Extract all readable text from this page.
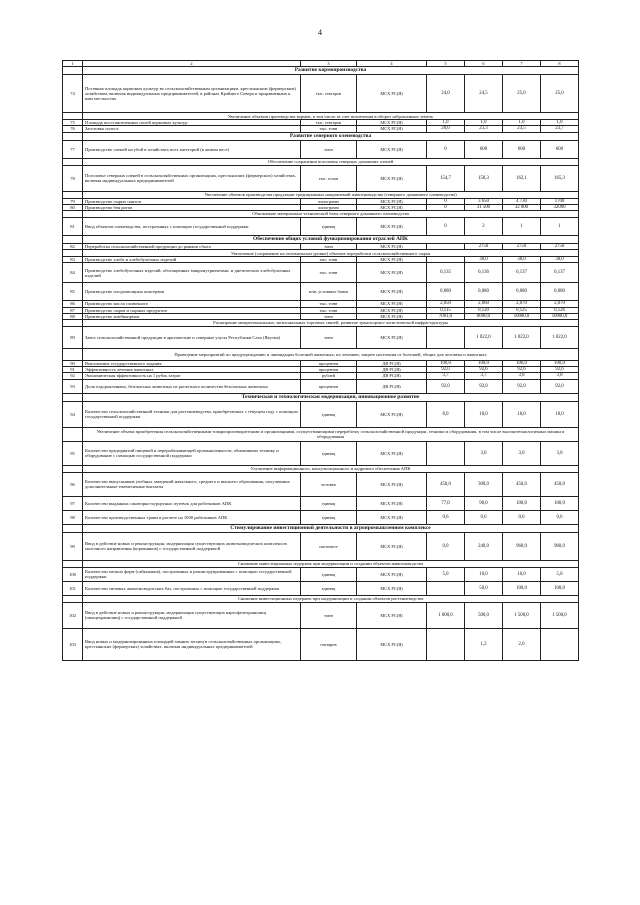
4
1	2	3	4	5	6	7	8
	Развитие кормопроизводства						
74	Посевная площадь кормовых культур во сельскохозяйственным организациям, крестьянским (фермерским) хозяйствам, включая индивидуальных предпринимателей, в районах Крайнего Севера и приравненных к ним местностях	тыс. гектаров	МСХ РС(Я)	24,0	24,5	25,0	25,0
	Увеличение объемов производства кормов, в том числе за счет вовлечения в оборот заброшенных земель						
75	Площадь восстановленных полей кормовых культур	тыс. гектаров	МСХ РС(Я)	1,0	1,0	1,0	1,0
76	Заготовка силоса	тыс. тонн	МСХ РС(Я)	20,0	23,3	23,5	23,7
	Развитие северного оленеводства						
77	Производство оленей на убой в хозяйствах всех категорий (в живом весе)	тонн	МСХ РС(Я)	0	600	600	600
	Обеспечение сохранения поголовья северных домашних оленей						
78	Поголовье северных оленей в сельскохозяйственных организациях, крестьянских (фермерских) хозяйствах, включая индивидуальных предпринимателей	тыс. голов	МСХ РС(Я)	154,7	158,3	162,1	165,3
	Увеличение объемов производства продукции традиционных направлений животноводства (северного домашнего оленеводства)						
79	Производство сырых пантов	килограмм	МСХ РС(Я)	0	3 650	4 730	1700
80	Производство бен рогов	килограмм	МСХ РС(Я)	0	31 500	32 000	32000
	Обновление материально-технической базы северного домашнего оленеводства						
81	Ввод объектов оленеводства, построенных с помощью государственной поддержки	единиц	МСХ РС(Я)	0	2	1	1
	Обеспечение общих условий функционирования отраслей АПК						
82	Переработка сельскохозяйственной продукции до рынков сбыта	тонн	МСХ РС(Я)		2750	2750	2750
	Увеличение (сохранение на оптимальном уровне) объемов переработки сельскохозяйственного сырья						
83	Производство хлеба и хлебобулочных изделий	тыс. тонн	МСХ РС(Я)		38,0	38,0	38,0
84	Производство хлебобулочных изделий, обогащенных микронутриентами, и диетических хлебобулочных изделий	тыс. тонн	МСХ РС(Я)	0,135	0,136	0,137	0,137
85	Производство плодоовощных консервов	млн. условных банок	МСХ РС(Я)	0,080	0,080	0,080	0,080
86	Производство масла сливочного	тыс. тонн	МСХ РС(Я)	2,050	2,060	2,070	2,070
87	Производство сыров и сырных продуктов	тыс. тонн	МСХ РС(Я)	0,115	0,120	0,125	0,126
88	Производство комбикормов	тонн	МСХ РС(Я)	7061,0	8000,0	10000,0	10000,0
	Расширение межрегиональных, межзональных торговых связей, развитие транспортно-логистической инфраструктуры						
89	Завоз сельскохозяйственной продукции в арктические и северные улусы Республики Саха (Якутия)	тонн	МСХ РС(Я)		1 022,0	1 022,0	1 022,0
	Проведение мероприятий по предупреждению и ликвидации болезней животных, их лечению, защите населения от болезней, общих для человека и животных						
90	Выполнение государственного задания	процентов	ДВ РС(Я)	100,0	100,0	100,0	100,0
91	Эффективность лечения животных	процентов	ДВ РС(Я)	92,0	92,6	92,6	92,6
92	Экономическая эффективность на 1 рубль затрат	рублей	ДВ РС(Я)	3,7	3,7	3,8	3,8
93	Доля оздоровленных, безопасных животных из расчетного количества безопасных животных	процентов	ДВ РС(Я)	92,0	92,0	92,0	92,0
	Техническая и технологическая модернизация, инновационное развитие						
94	Количество сельскохозяйственной техники для растениеводства, приобретаемых с текущем году с помощью государственной поддержки	единиц	МСХ РС(Я)	8,0	18,0	18,0	18,0
	Увеличение объема приобретения сельскохозяйственными товаропроизводителями и организациями, осуществляющими переработку сельскохозяйственной продукции, техники и оборудования, в том числе высокотехнологичных машин и оборудования						
95	Количество предприятий пищевой и перерабатывающей промышленности, обновивших технику и оборудование с помощью государственной поддержки	единиц	МСХ РС(Я)		3,0	3,0	3,0
	Улучшение информационного, консультационного и кадрового обеспечения АПК						
96	Количество выпускников учебных заведений начального, среднего и высшего образования, получивших дополнительные ежемесячные выплаты	человек	МСХ РС(Я)	450,0	300,0	450,0	450,0
97	Количество выданных санаторно-курортных путевок для работников АПК	единиц	МСХ РС(Я)	77,0	90,0	100,0	100,0
98	Количество производственных травм в расчете на 1000 работников АПК	единиц	МСХ РС(Я)	0,6	0,6	0,6	0,6
	Стимулирование инвестиционной деятельности в агропромышленном комплексе						
99	Ввод в действие новых и реконструкция, модернизация существующих животноводческих комплексов молочного направления (коровников) с государственной поддержкой	скотомест	МСХ РС(Я)	0,0	240,0	960,0	960,0
	Снижение инвестиционных издержек при модернизации и создании объектов животноводства						
100	Количество мелких ферм (сайылыков), построенных и реконструированных с помощью государственной поддержки	единиц	МСХ РС(Я)	5,0	10,0	10,0	5,0
101	Количество типовых животноводческих баз, построенных с помощью государственной поддержки	единиц	МСХ РС(Я)		50,0	100,0	100,0
	Снижение инвестиционных издержек при модернизации и создании объектов растениеводства						
102	Ввод в действие новых и реконструкция, модернизация существующих картофелехранилищ (овощехранилищ) с государственной поддержкой	тонн	МСХ РС(Я)	1 000,0	500,0	1 500,0	1 500,0
103	Ввод новых и модернизированных площадей зимних теплиц в сельскохозяйственных организациях, крестьянских (фермерских) хозяйствах, включая индивидуальных предпринимателей	гектаров	МСХ РС(Я)		1,2	2,0	
